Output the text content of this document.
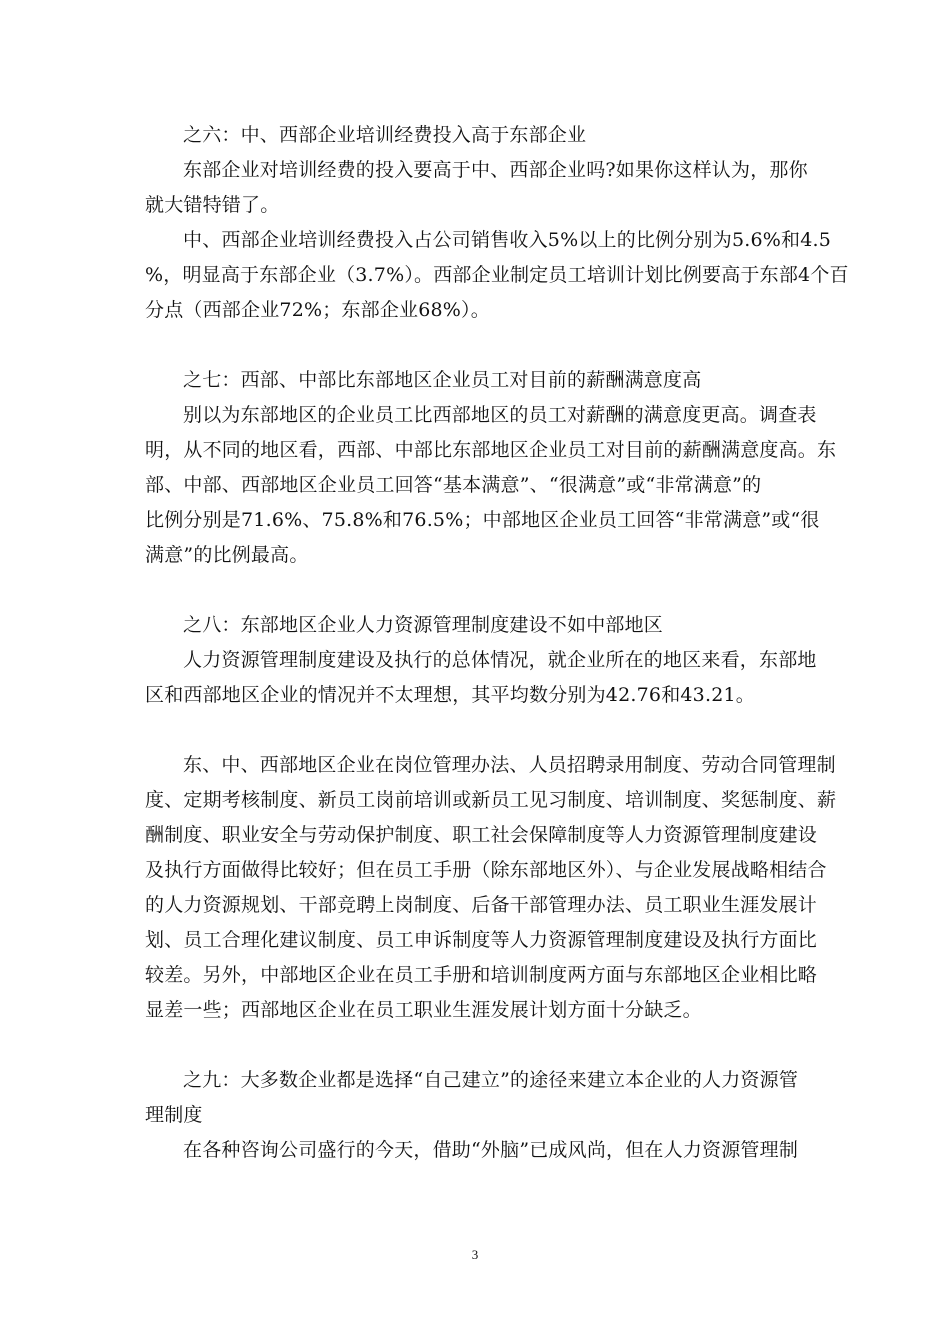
之六：中、西部企业培训经费投入高于东部企业
东部企业对培训经费的投入要高于中、西部企业吗?如果你这样认为，那你
就大错特错了。
中、西部企业培训经费投入占公司销售收入5%以上的比例分别为5.6%和4.5
%，明显高于东部企业（3.7%）。西部企业制定员工培训计划比例要高于东部4个百
分点（西部企业72%；东部企业68%）。
之七：西部、中部比东部地区企业员工对目前的薪酬满意度高
别以为东部地区的企业员工比西部地区的员工对薪酬的满意度更高。调查表
明，从不同的地区看，西部、中部比东部地区企业员工对目前的薪酬满意度高。东
部、中部、西部地区企业员工回答“基本满意”、“很满意”或“非常满意”的
比例分别是71.6%、75.8%和76.5%；中部地区企业员工回答“非常满意”或“很
满意”的比例最高。
之八：东部地区企业人力资源管理制度建设不如中部地区
人力资源管理制度建设及执行的总体情况，就企业所在的地区来看，东部地
区和西部地区企业的情况并不太理想，其平均数分别为42.76和43.21。
东、中、西部地区企业在岗位管理办法、人员招聘录用制度、劳动合同管理制
度、定期考核制度、新员工岗前培训或新员工见习制度、培训制度、奖惩制度、薪
酬制度、职业安全与劳动保护制度、职工社会保障制度等人力资源管理制度建设
及执行方面做得比较好；但在员工手册（除东部地区外）、与企业发展战略相结合
的人力资源规划、干部竞聘上岗制度、后备干部管理办法、员工职业生涯发展计
划、员工合理化建议制度、员工申诉制度等人力资源管理制度建设及执行方面比
较差。另外，中部地区企业在员工手册和培训制度两方面与东部地区企业相比略
显差一些；西部地区企业在员工职业生涯发展计划方面十分缺乏。
之九：大多数企业都是选择“自己建立”的途径来建立本企业的人力资源管
理制度
在各种咨询公司盛行的今天，借助“外脑”已成风尚，但在人力资源管理制
3
